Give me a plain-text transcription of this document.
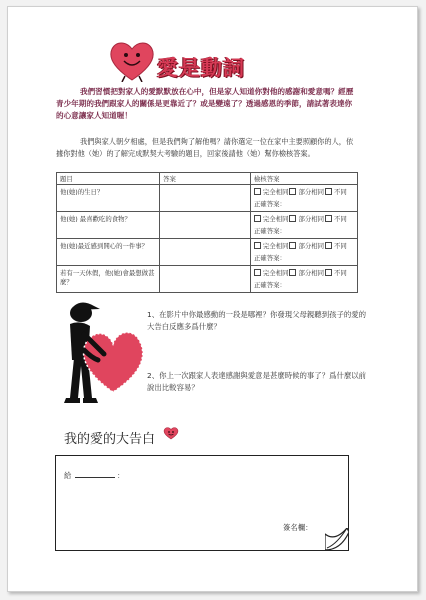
愛是動詞
我們習慣把對家人的愛默默放在心中，但是家人知道你對他的感謝和愛意嗎？經歷青少年期的我們跟家人的關係是更靠近了？或是變遠了？透過感恩的季節，請試著表達你的心意讓家人知道喔！
我們與家人朝夕相處，但是我們夠了解他嗎？請你選定一位在家中主要照顧你的人，依據你對他（她）的了解完成默契大考驗的題目，回家後請他（她）幫你檢核答案。
題目	答案	檢核答案
他(她)的生日？		完全相同 部分相同 不同
正確答案：

他(她) 最喜歡吃的食物？		完全相同 部分相同 不同
正確答案：

他(她)最近感到開心的一件事？		完全相同 部分相同 不同
正確答案：

若有一天休假，他(她)會最想做甚麼？		完全相同 部分相同 不同
正確答案：
1、在影片中你最感動的一段是哪裡？你發現父母親聽到孩子的愛的大告白反應多爲什麼？
2、你上一次跟家人表達感謝與愛意是甚麼時候的事了？爲什麼以前說出比較容易？
我的愛的大告白
給	：
簽名欄：
